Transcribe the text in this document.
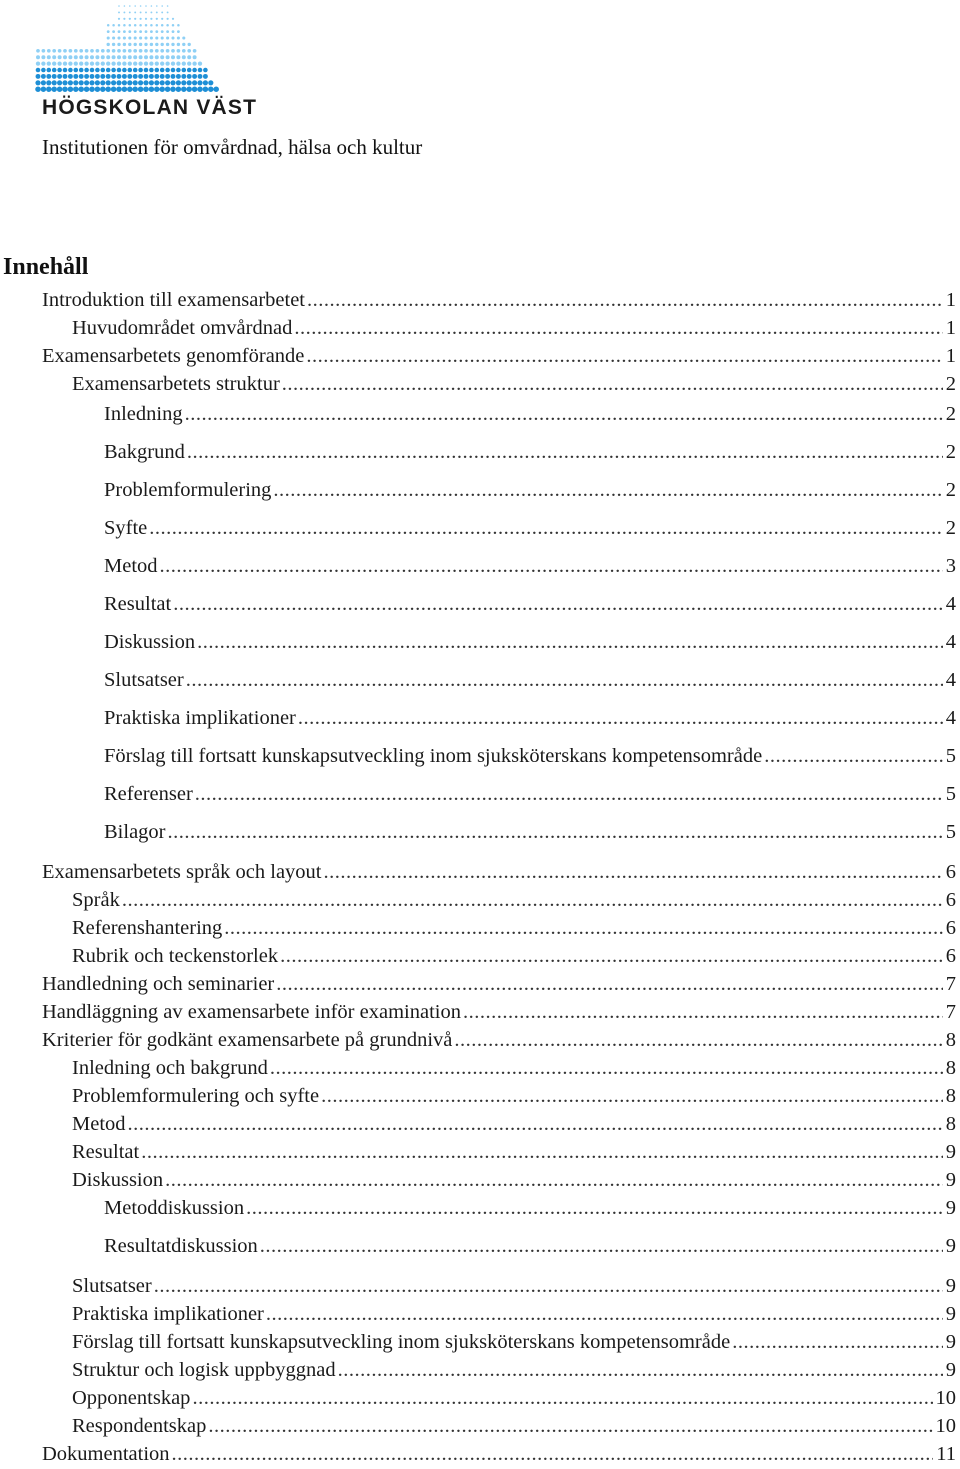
HÖGSKOLAN VÄST
Institutionen för omvårdnad, hälsa och kultur
Innehåll
Introduktion till examensarbetet .....	1
Huvudområdet omvårdnad .....	1
Examensarbetets genomförande .....	1
Examensarbetets struktur .....	2
Inledning .....	2
Bakgrund .....	2
Problemformulering .....	2
Syfte .....	2
Metod .....	3
Resultat .....	4
Diskussion .....	4
Slutsatser .....	4
Praktiska implikationer .....	4
Förslag till fortsatt kunskapsutveckling inom sjuksköterskans kompetensområde .....	5
Referenser .....	5
Bilagor .....	5
Examensarbetets språk och layout .....	6
Språk .....	6
Referenshantering .....	6
Rubrik och teckenstorlek .....	6
Handledning och seminarier .....	7
Handläggning av examensarbete inför examination .....	7
Kriterier för godkänt examensarbete på grundnivå .....	8
Inledning och bakgrund .....	8
Problemformulering och syfte .....	8
Metod .....	8
Resultat .....	9
Diskussion .....	9
Metoddiskussion .....	9
Resultatdiskussion .....	9
Slutsatser .....	9
Praktiska implikationer .....	9
Förslag till fortsatt kunskapsutveckling inom sjuksköterskans kompetensområde .....	9
Struktur och logisk uppbyggnad .....	9
Opponentskap .....	10
Respondentskap .....	10
Dokumentation .....	11
